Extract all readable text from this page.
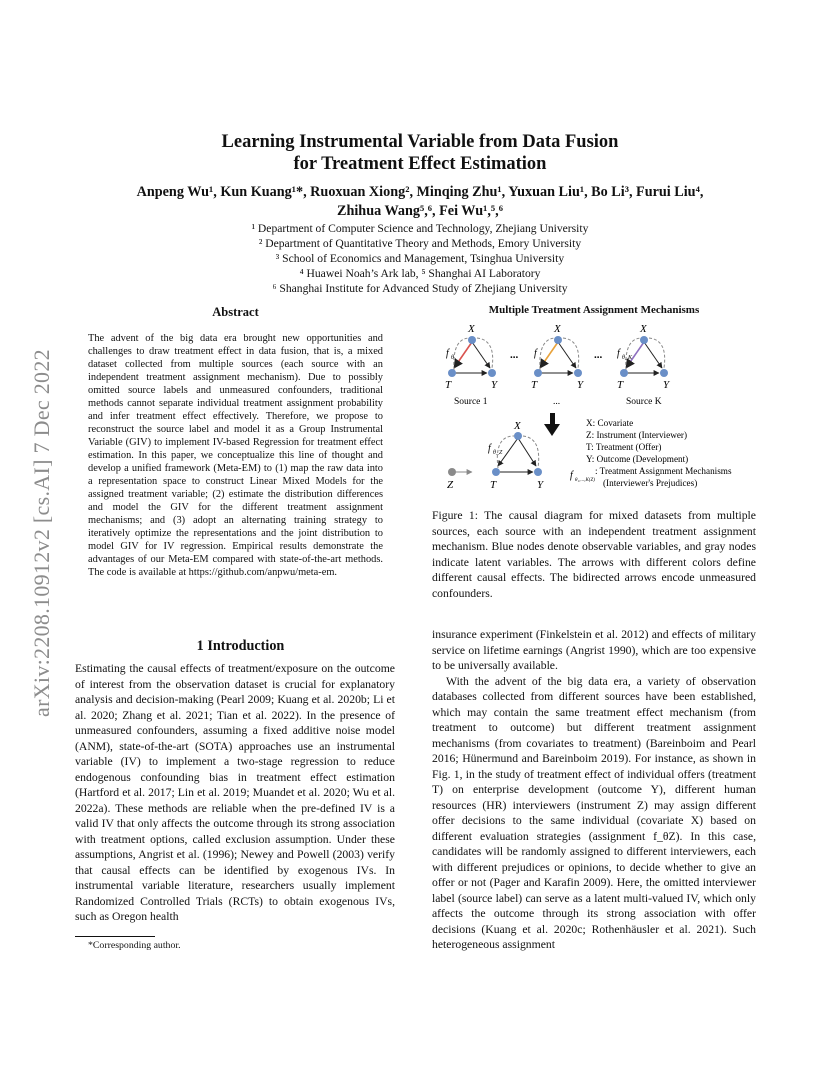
arXiv:2208.10912v2 [cs.AI] 7 Dec 2022
Learning Instrumental Variable from Data Fusion
for Treatment Effect Estimation
Anpeng Wu¹, Kun Kuang¹*, Ruoxuan Xiong², Minqing Zhu¹, Yuxuan Liu¹, Bo Li³, Furui Liu⁴,
Zhihua Wang⁵,⁶, Fei Wu¹,⁵,⁶
¹ Department of Computer Science and Technology, Zhejiang University
² Department of Quantitative Theory and Methods, Emory University
³ School of Economics and Management, Tsinghua University
⁴ Huawei Noah’s Ark lab, ⁵ Shanghai AI Laboratory
⁶ Shanghai Institute for Advanced Study of Zhejiang University
Abstract
The advent of the big data era brought new opportunities and challenges to draw treatment effect in data fusion, that is, a mixed dataset collected from multiple sources (each source with an independent treatment assignment mechanism). Due to possibly omitted source labels and unmeasured confounders, traditional methods cannot separate individual treatment assignment probability and infer treatment effect effectively. Therefore, we propose to reconstruct the source label and model it as a Group Instrumental Variable (GIV) to implement IV-based Regression for treatment effect estimation. In this paper, we conceptualize this line of thought and develop a unified framework (Meta-EM) to (1) map the raw data into a representation space to construct Linear Mixed Models for the assigned treatment variable; (2) estimate the distribution differences and model the GIV for the different treatment assignment mechanisms; and (3) adopt an alternating training strategy to iteratively optimize the representations and the joint distribution to model GIV for IV regression. Empirical results demonstrate the advantages of our Meta-EM compared with state-of-the-art methods. The code is available at https://github.com/anpwu/meta-em.
1 Introduction

Estimating the causal effects of treatment/exposure on the outcome of interest from the observation dataset is crucial for explanatory analysis and decision-making (Pearl 2009; Kuang et al. 2020b; Li et al. 2020; Zhang et al. 2021; Tian et al. 2022). In the presence of unmeasured confounders, assuming a fixed additive noise model (ANM), state-of-the-art (SOTA) approaches use an instrumental variable (IV) to implement a two-stage regression to reduce endogenous confounding bias in treatment effect estimation (Hartford et al. 2017; Lin et al. 2019; Muandet et al. 2020; Wu et al. 2022a). These methods are reliable when the pre-defined IV is a valid IV that only affects the outcome through its strong association with treatment options, called exclusion assumption. Under these assumptions, Angrist et al. (1996); Newey and Powell (2003) verify that causal effects can be identified by exogenous IVs. In instrumental variable literature, researchers usually implement Randomized Controlled Trials (RCTs) to obtain exogenous IVs, such as Oregon health

*Corresponding author.
Multiple Treatment Assignment Mechanisms
X
T	Y
f θ₁
Source 1
...
X
T	Y
f
...
...
X
T	Y
f θ_K
Source K
X
Z	T	Y
f θ_Z
X: Covariate
Z: Instrument (Interviewer)
T: Treatment (Offer)
Y: Outcome (Development)
f θ₁,...,K(Z)
: Treatment Assignment Mechanisms
(Interviewer's Prejudices)
Figure 1: The causal diagram for mixed datasets from multiple sources, each source with an independent treatment assignment mechanism. Blue nodes denote observable variables, and gray nodes indicate latent variables. The arrows with different colors define different causal effects. The bidirected arrows encode unmeasured confounders.

insurance experiment (Finkelstein et al. 2012) and effects of military service on lifetime earnings (Angrist 1990), which are too expensive to be universally available.

With the advent of the big data era, a variety of observation databases collected from different sources have been established, which may contain the same treatment effect mechanism (from treatment to outcome) but different treatment assignment mechanisms (from covariates to treatment) (Bareinboim and Pearl 2016; Hünermund and Bareinboim 2019). For instance, as shown in Fig. 1, in the study of treatment effect of individual offers (treatment T) on enterprise development (outcome Y), different human resources (HR) interviewers (instrument Z) may assign different offer decisions to the same individual (covariate X) based on different evaluation strategies (assignment f_θZ). In this case, candidates will be randomly assigned to different interviewers, each with different prejudices or opinions, to decide whether to give an offer or not (Pager and Karafin 2009). Here, the omitted interviewer label (source label) can serve as a latent multi-valued IV, which only affects the outcome through its strong association with offer decisions (Kuang et al. 2020c; Rothenhäusler et al. 2021). Such heterogeneous assignment
